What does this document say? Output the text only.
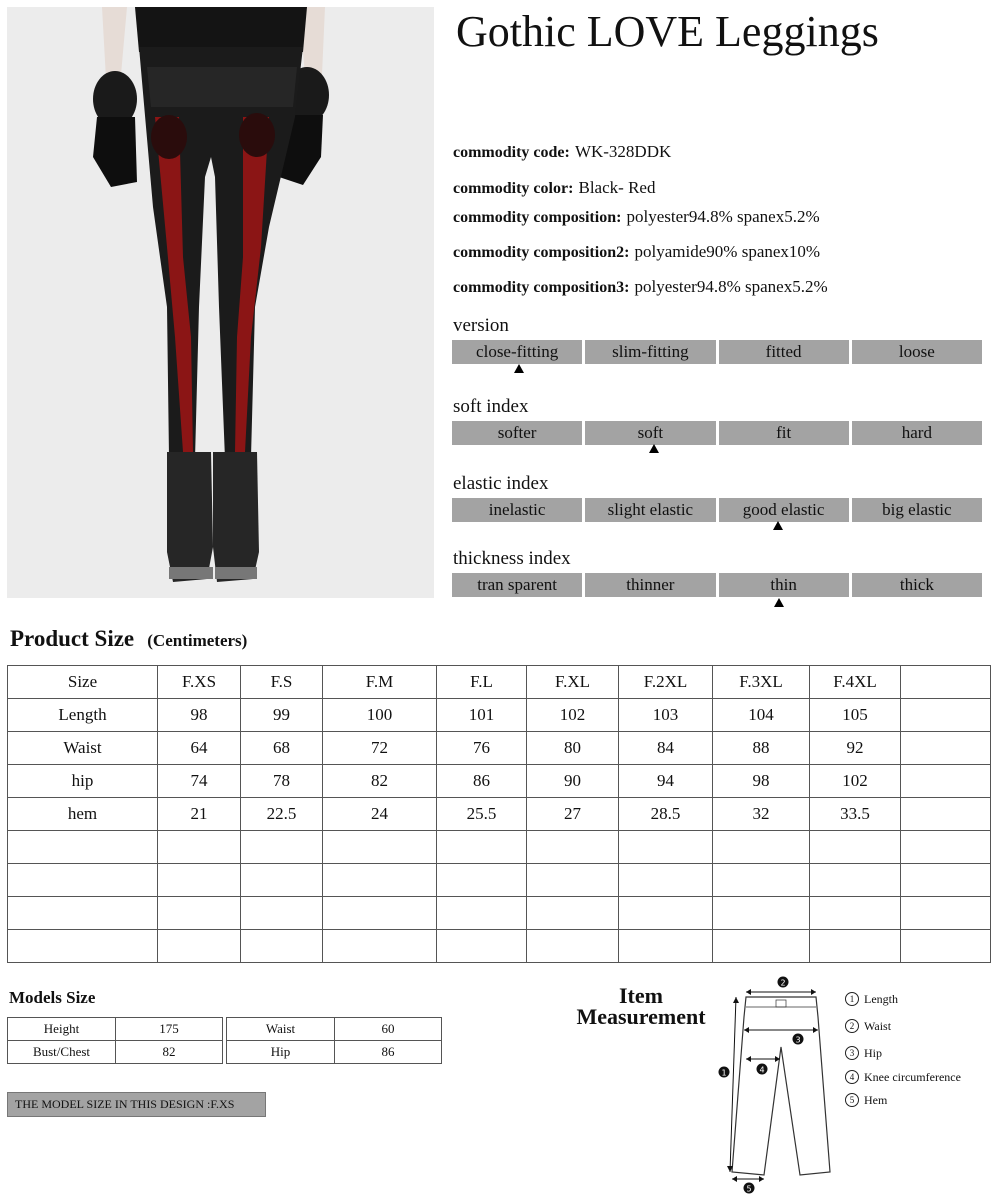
Gothic LOVE Leggings
commodity code: WK-328DDK
commodity color: Black- Red
commodity composition: polyester94.8% spanex5.2%
commodity composition2: polyamide90% spanex10%
commodity composition3: polyester94.8% spanex5.2%
version
close-fitting	slim-fitting	fitted	loose
soft index
softer	soft	fit	hard
elastic index
inelastic	slight elastic	good elastic	big elastic
thickness index
tran sparent	thinner	thin	thick
Product Size (Centimeters)
Size	F.XS	F.S	F.M	F.L	F.XL	F.2XL	F.3XL	F.4XL	
Length	98	99	100	101	102	103	104	105	
Waist	64	68	72	76	80	84	88	92	
hip	74	78	82	86	90	94	98	102	
hem	21	22.5	24	25.5	27	28.5	32	33.5	

Models Size
Height	175
Bust/Chest	82
Waist	60
Hip	86
THE MODEL SIZE IN THIS DESIGN :F.XS
Item Measurement
2
3
1	4
5
1 Length
2 Waist
3 Hip
4 Knee circumference
5 Hem
